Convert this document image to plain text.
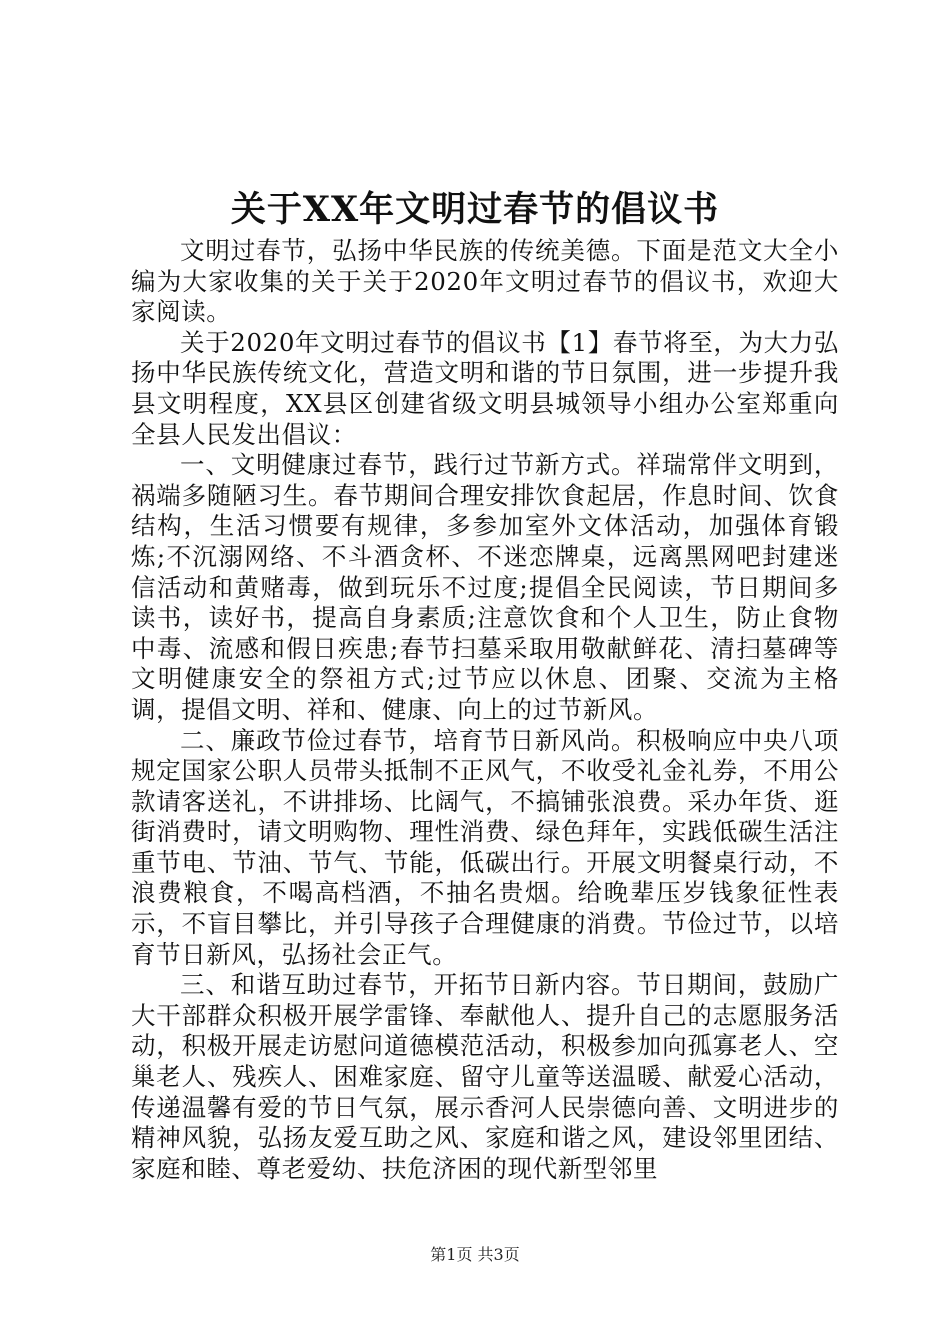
关于XX年文明过春节的倡议书

文明过春节，弘扬中华民族的传统美德。下面是范文大全小编为大家收集的关于关于2020年文明过春节的倡议书，欢迎大家阅读。

关于2020年文明过春节的倡议书【1】春节将至，为大力弘扬中华民族传统文化，营造文明和谐的节日氛围，进一步提升我县文明程度，XX县区创建省级文明县城领导小组办公室郑重向全县人民发出倡议：

一、文明健康过春节，践行过节新方式。祥瑞常伴文明到，祸端多随陋习生。春节期间合理安排饮食起居，作息时间、饮食结构，生活习惯要有规律，多参加室外文体活动，加强体育锻炼;不沉溺网络、不斗酒贪杯、不迷恋牌桌，远离黑网吧封建迷信活动和黄赌毒，做到玩乐不过度;提倡全民阅读，节日期间多读书，读好书，提高自身素质;注意饮食和个人卫生，防止食物中毒、流感和假日疾患;春节扫墓采取用敬献鲜花、清扫墓碑等文明健康安全的祭祖方式;过节应以休息、团聚、交流为主格调，提倡文明、祥和、健康、向上的过节新风。

二、廉政节俭过春节，培育节日新风尚。积极响应中央八项规定国家公职人员带头抵制不正风气，不收受礼金礼券，不用公款请客送礼，不讲排场、比阔气，不搞铺张浪费。采办年货、逛街消费时，请文明购物、理性消费、绿色拜年，实践低碳生活注重节电、节油、节气、节能，低碳出行。开展文明餐桌行动，不浪费粮食，不喝高档酒，不抽名贵烟。给晚辈压岁钱象征性表示，不盲目攀比，并引导孩子合理健康的消费。节俭过节，以培育节日新风，弘扬社会正气。

三、和谐互助过春节，开拓节日新内容。节日期间，鼓励广大干部群众积极开展学雷锋、奉献他人、提升自己的志愿服务活动，积极开展走访慰问道德模范活动，积极参加向孤寡老人、空巢老人、残疾人、困难家庭、留守儿童等送温暖、献爱心活动，传递温馨有爱的节日气氛，展示香河人民崇德向善、文明进步的精神风貌，弘扬友爱互助之风、家庭和谐之风，建设邻里团结、家庭和睦、尊老爱幼、扶危济困的现代新型邻里

第1页 共3页
